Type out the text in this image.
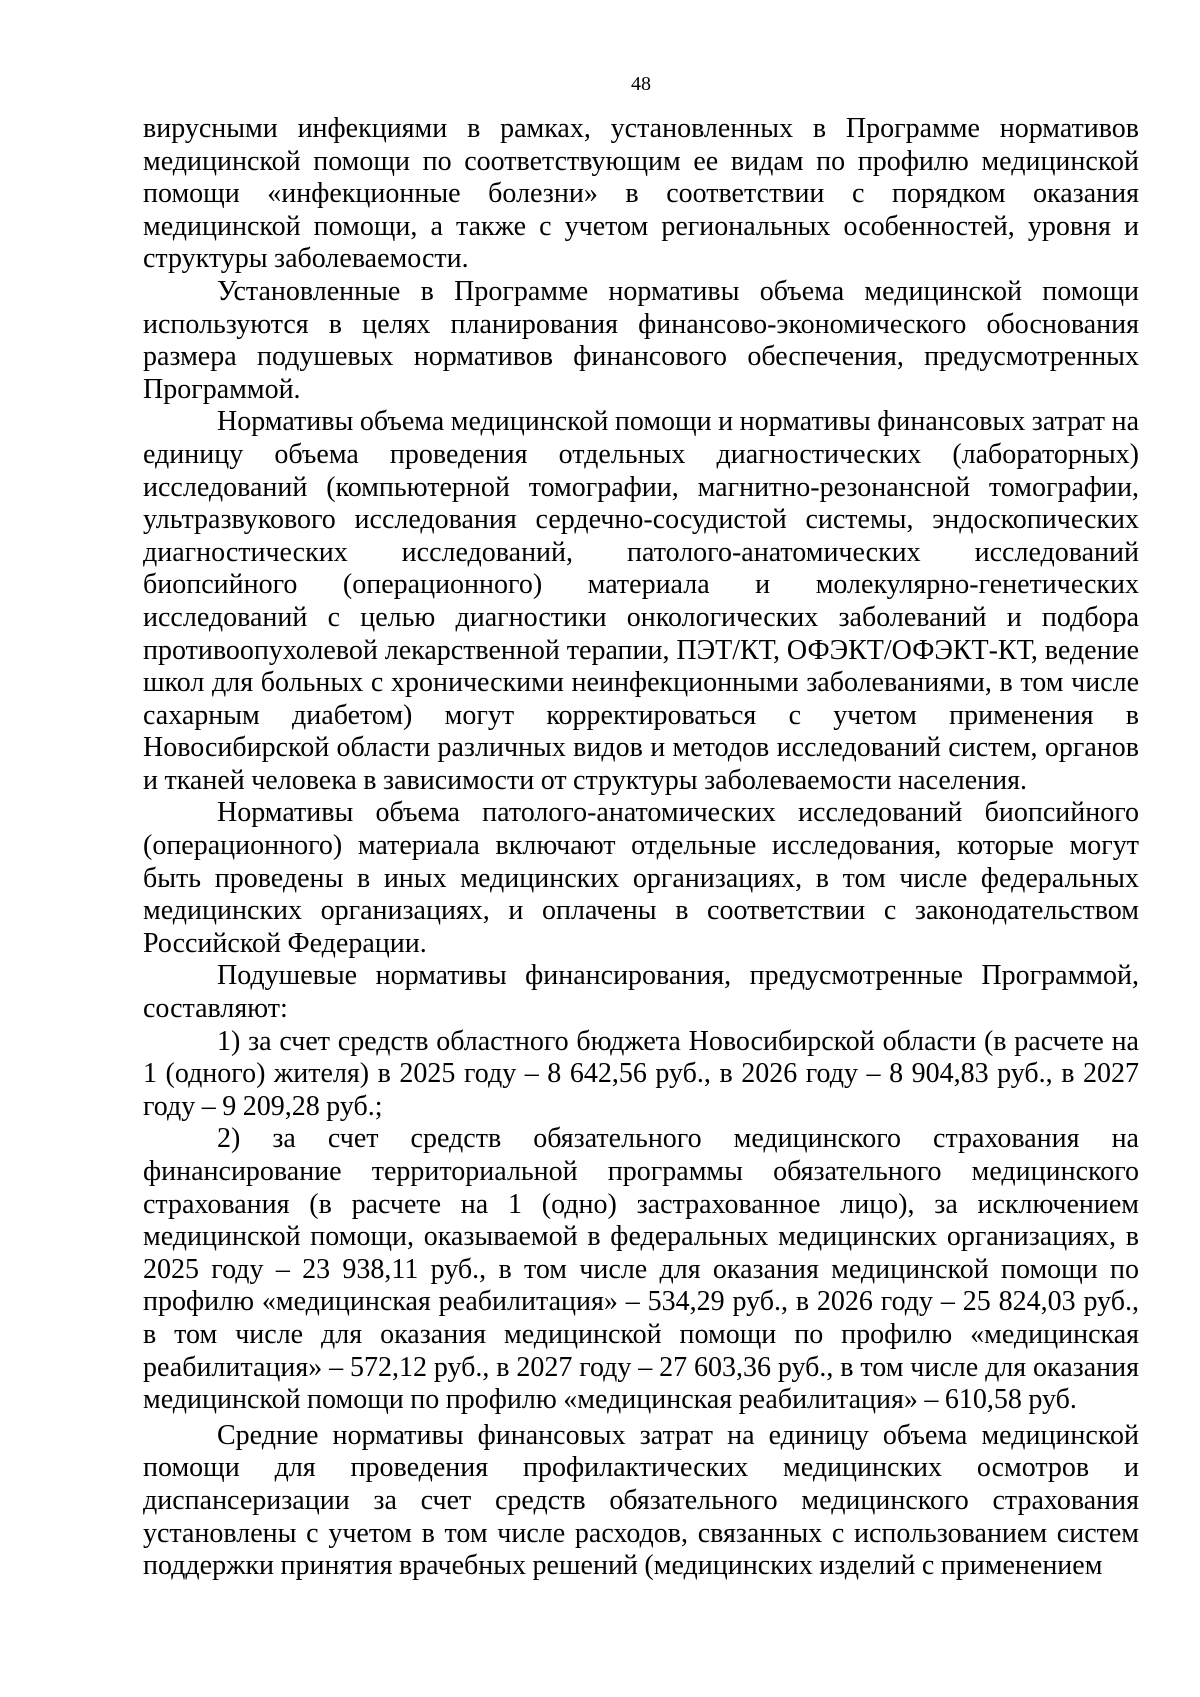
48

вирусными инфекциями в рамках, установленных в Программе нормативов медицинской помощи по соответствующим ее видам по профилю медицинской помощи «инфекционные болезни» в соответствии с порядком оказания медицинской помощи, а также с учетом региональных особенностей, уровня и структуры заболеваемости.

Установленные в Программе нормативы объема медицинской помощи используются в целях планирования финансово-экономического обоснования размера подушевых нормативов финансового обеспечения, предусмотренных Программой.

Нормативы объема медицинской помощи и нормативы финансовых затрат на единицу объема проведения отдельных диагностических (лабораторных) исследований (компьютерной томографии, магнитно-резонансной томографии, ультразвукового исследования сердечно-сосудистой системы, эндоскопических диагностических исследований, патолого-анатомических исследований биопсийного (операционного) материала и молекулярно-генетических исследований с целью диагностики онкологических заболеваний и подбора противоопухолевой лекарственной терапии, ПЭТ/КТ, ОФЭКТ/ОФЭКТ-КТ, ведение школ для больных с хроническими неинфекционными заболеваниями, в том числе сахарным диабетом) могут корректироваться с учетом применения в Новосибирской области различных видов и методов исследований систем, органов и тканей человека в зависимости от структуры заболеваемости населения.

Нормативы объема патолого-анатомических исследований биопсийного (операционного) материала включают отдельные исследования, которые могут быть проведены в иных медицинских организациях, в том числе федеральных медицинских организациях, и оплачены в соответствии с законодательством Российской Федерации.

Подушевые нормативы финансирования, предусмотренные Программой, составляют:

1) за счет средств областного бюджета Новосибирской области (в расчете на 1 (одного) жителя) в 2025 году – 8 642,56 руб., в 2026 году – 8 904,83 руб., в 2027 году – 9 209,28 руб.;

2) за счет средств обязательного медицинского страхования на финансирование территориальной программы обязательного медицинского страхования (в расчете на 1 (одно) застрахованное лицо), за исключением медицинской помощи, оказываемой в федеральных медицинских организациях, в 2025 году – 23 938,11 руб., в том числе для оказания медицинской помощи по профилю «медицинская реабилитация» – 534,29 руб., в 2026 году – 25 824,03 руб., в том числе для оказания медицинской помощи по профилю «медицинская реабилитация» – 572,12 руб., в 2027 году – 27 603,36 руб., в том числе для оказания медицинской помощи по профилю «медицинская реабилитация» – 610,58 руб.

Средние нормативы финансовых затрат на единицу объема медицинской помощи для проведения профилактических медицинских осмотров и диспансеризации за счет средств обязательного медицинского страхования установлены с учетом в том числе расходов, связанных с использованием систем поддержки принятия врачебных решений (медицинских изделий с применением
